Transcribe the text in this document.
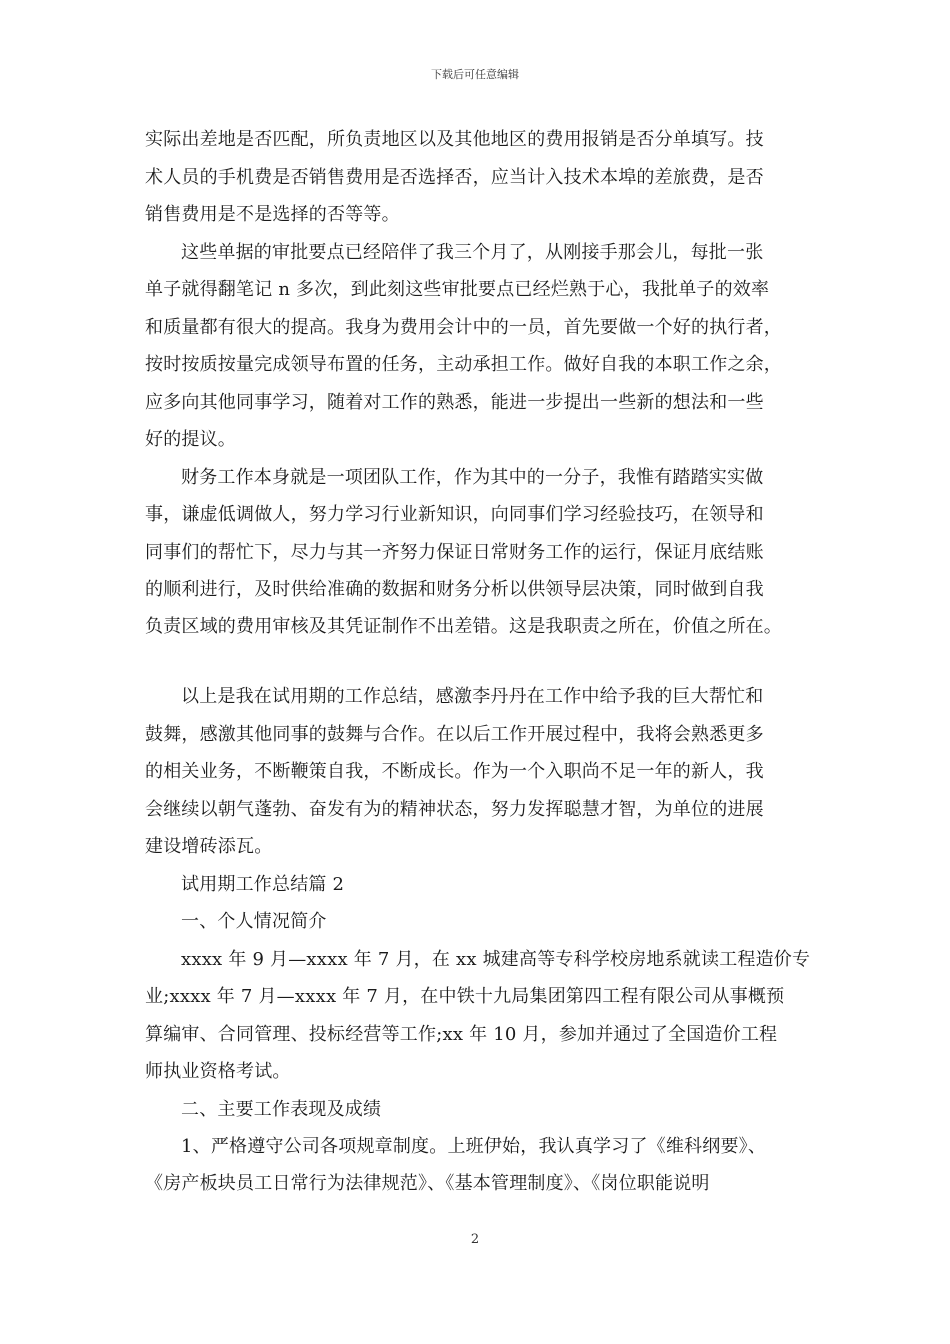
下载后可任意编辑
实际出差地是否匹配，所负责地区以及其他地区的费用报销是否分单填写。技
术人员的手机费是否销售费用是否选择否，应当计入技术本埠的差旅费，是否
销售费用是不是选择的否等等。
这些单据的审批要点已经陪伴了我三个月了，从刚接手那会儿，每批一张
单子就得翻笔记 n 多次，到此刻这些审批要点已经烂熟于心，我批单子的效率
和质量都有很大的提高。我身为费用会计中的一员，首先要做一个好的执行者，
按时按质按量完成领导布置的任务，主动承担工作。做好自我的本职工作之余，
应多向其他同事学习，随着对工作的熟悉，能进一步提出一些新的想法和一些
好的提议。
财务工作本身就是一项团队工作，作为其中的一分子，我惟有踏踏实实做
事，谦虚低调做人，努力学习行业新知识，向同事们学习经验技巧，在领导和
同事们的帮忙下，尽力与其一齐努力保证日常财务工作的运行，保证月底结账
的顺利进行，及时供给准确的数据和财务分析以供领导层决策，同时做到自我
负责区域的费用审核及其凭证制作不出差错。这是我职责之所在，价值之所在。
以上是我在试用期的工作总结，感激李丹丹在工作中给予我的巨大帮忙和
鼓舞，感激其他同事的鼓舞与合作。在以后工作开展过程中，我将会熟悉更多
的相关业务，不断鞭策自我，不断成长。作为一个入职尚不足一年的新人，我
会继续以朝气蓬勃、奋发有为的精神状态，努力发挥聪慧才智，为单位的进展
建设增砖添瓦。
试用期工作总结篇 2
一、个人情况简介
xxxx 年 9 月—xxxx 年 7 月，在 xx 城建高等专科学校房地系就读工程造价专
业;xxxx 年 7 月—xxxx 年 7 月，在中铁十九局集团第四工程有限公司从事概预
算编审、合同管理、投标经营等工作;xx 年 10 月，参加并通过了全国造价工程
师执业资格考试。
二、主要工作表现及成绩
1、严格遵守公司各项规章制度。上班伊始，我认真学习了《维科纲要》、
《房产板块员工日常行为法律规范》、《基本管理制度》、《岗位职能说明
2
